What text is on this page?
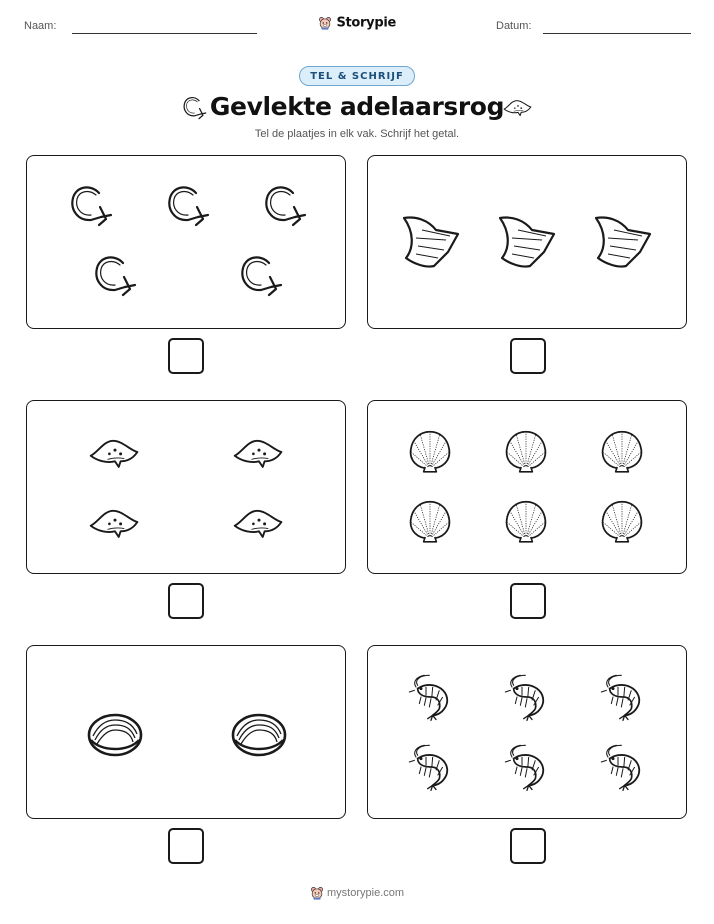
Naam:	Storypie	Datum:
TEL & SCHRIJF
Gevlekte adelaarsrog
Tel de plaatjes in elk vak. Schrijf het getal.
mystorypie.com
